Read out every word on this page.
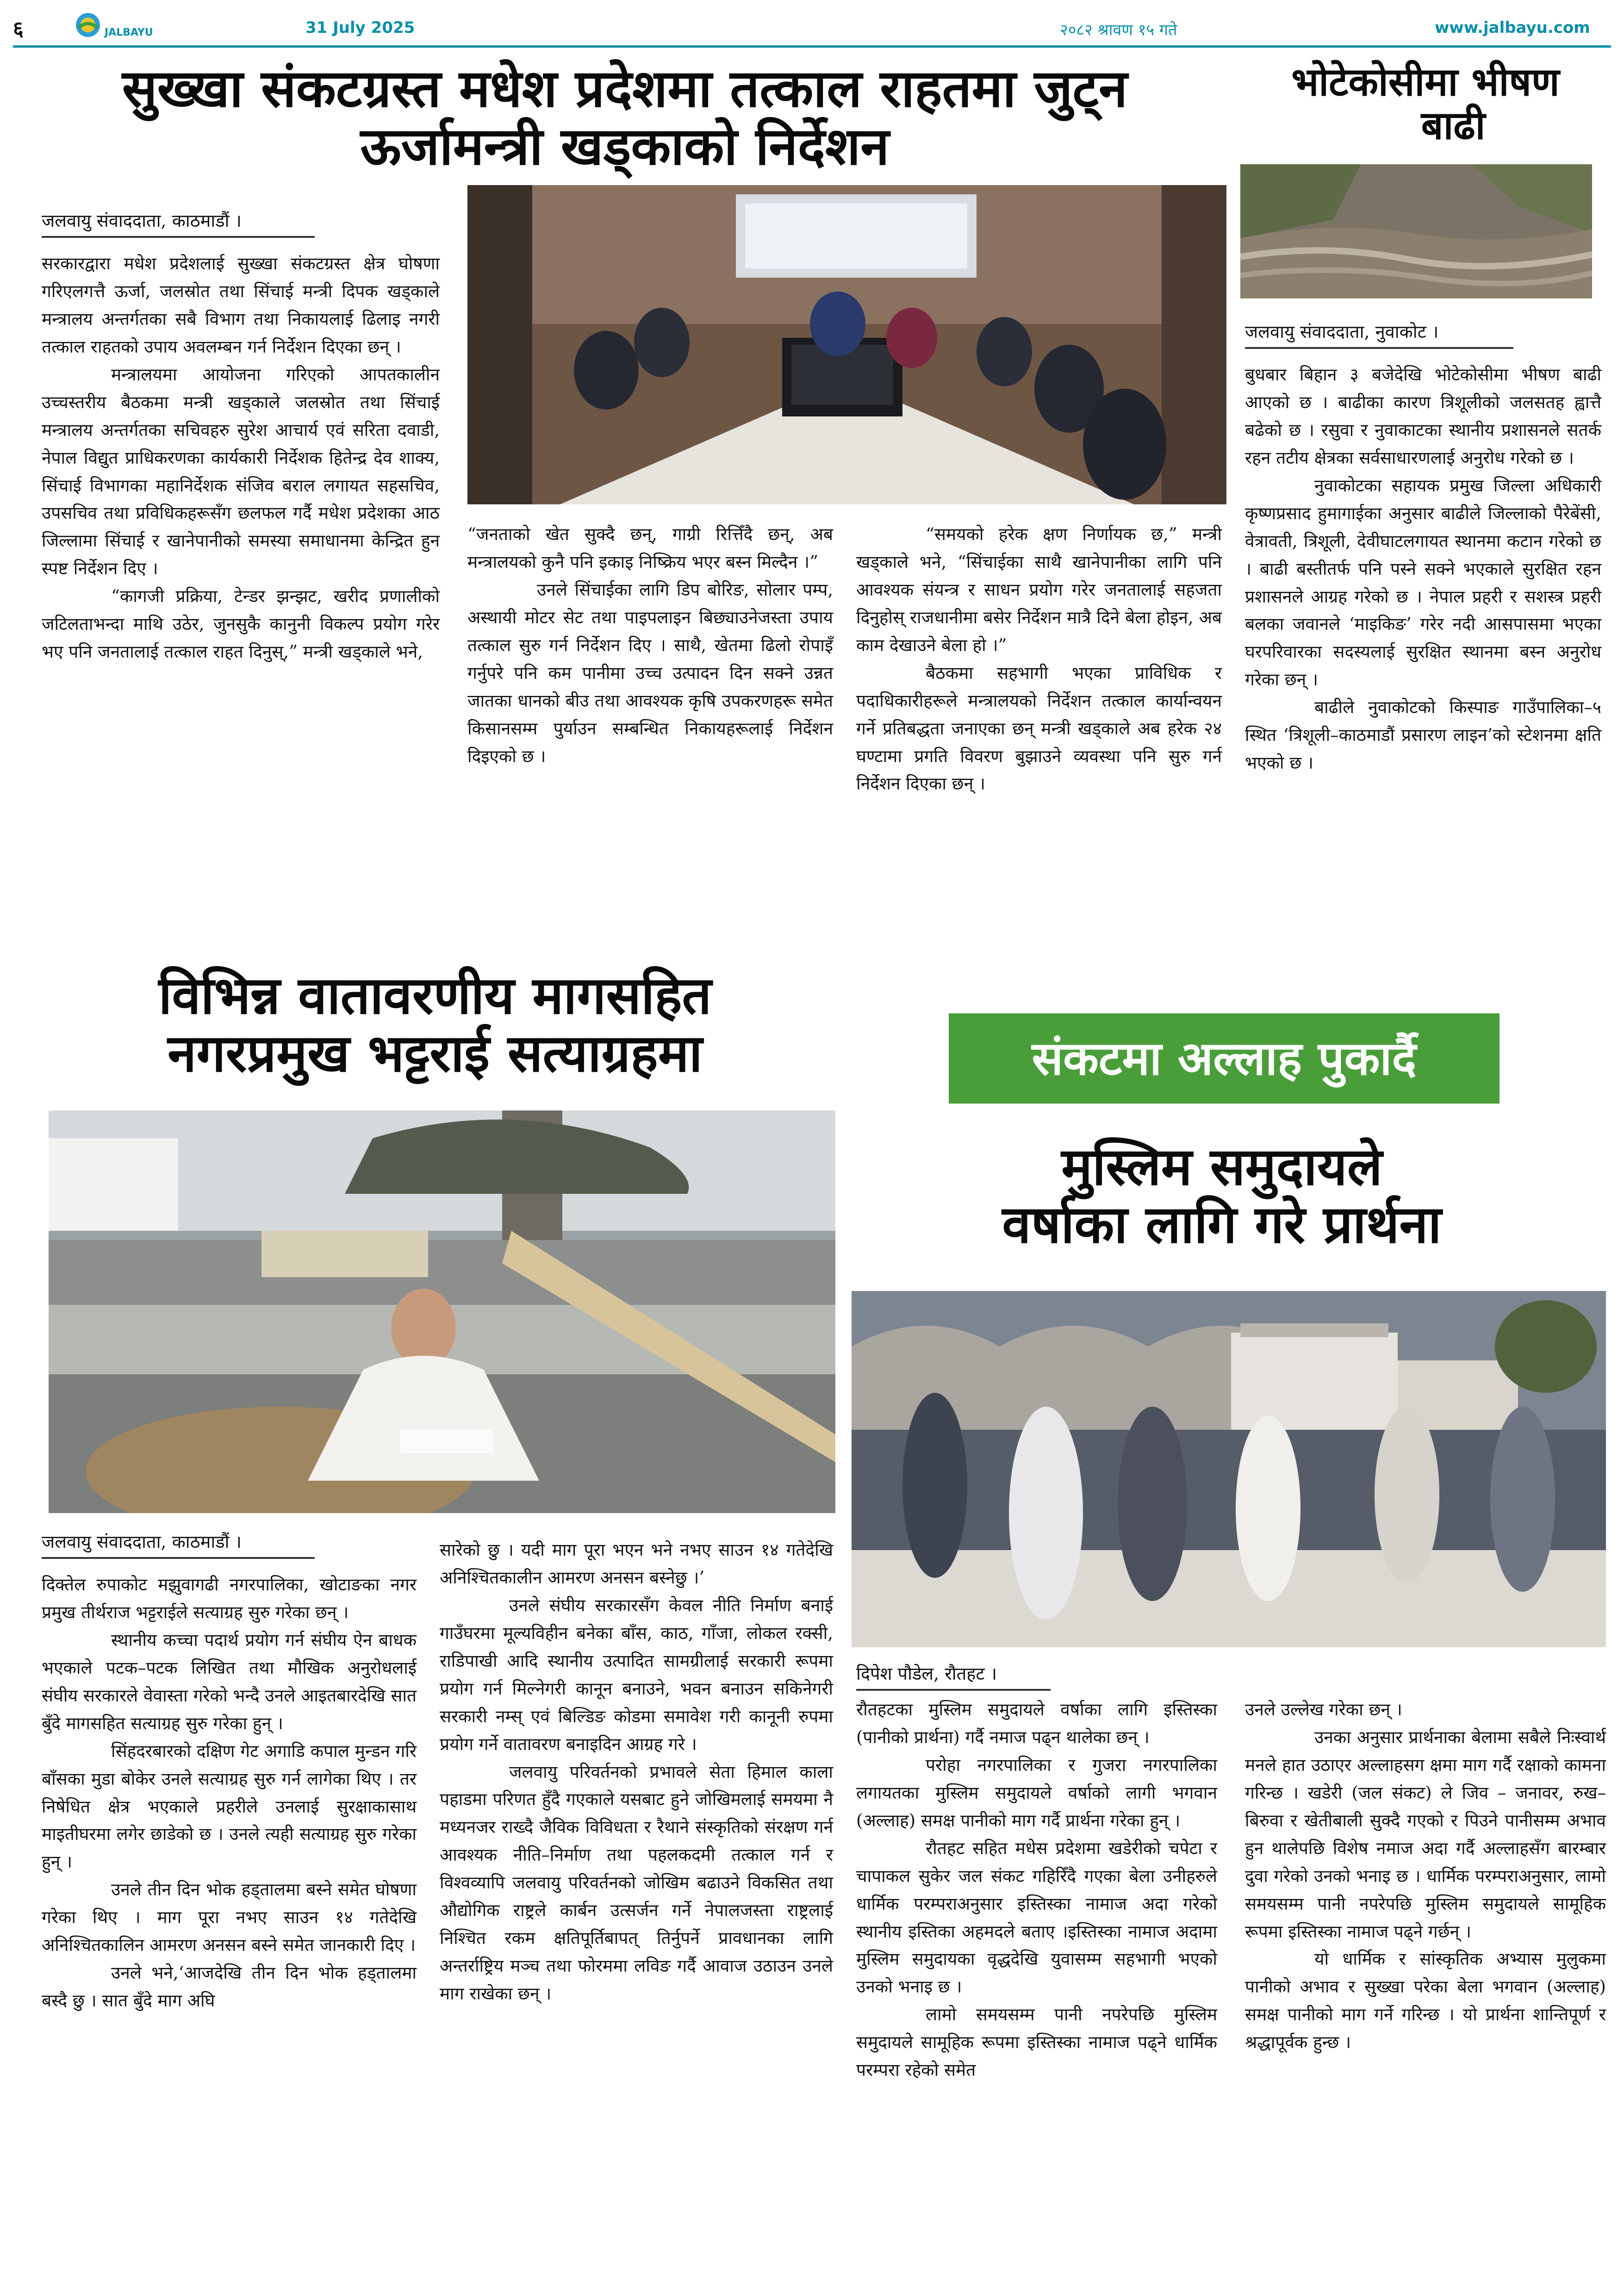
६	JALBAYU	31 July 2025	२०८२ श्रावण १५ गते	www.jalbayu.com
सुख्खा संकटग्रस्त मधेश प्रदेशमा तत्काल राहतमा जुट्न
ऊर्जामन्त्री खड्काको निर्देशन
जलवायु संवाददाता, काठमाडौं ।

सरकारद्वारा मधेश प्रदेशलाई सुख्खा संकटग्रस्त क्षेत्र घोषणा गरिएलगत्तै ऊर्जा, जलस्रोत तथा सिंचाई मन्त्री दिपक खड्काले मन्त्रालय अन्तर्गतका सबै विभाग तथा निकायलाई ढिलाइ नगरी तत्काल राहतको उपाय अवलम्बन गर्न निर्देशन दिएका छन् ।

मन्त्रालयमा आयोजना गरिएको आपतकालीन उच्चस्तरीय बैठकमा मन्त्री खड्काले जलस्रोत तथा सिंचाई मन्त्रालय अन्तर्गतका सचिवहरु सुरेश आचार्य एवं सरिता दवाडी, नेपाल विद्युत प्राधिकरणका कार्यकारी निर्देशक हितेन्द्र देव शाक्य, सिंचाई विभागका महानिर्देशक संजिव बराल लगायत सहसचिव, उपसचिव तथा प्रविधिकहरूसँग छलफल गर्दै मधेश प्रदेशका आठ जिल्लामा सिंचाई र खानेपानीको समस्या समाधानमा केन्द्रित हुन स्पष्ट निर्देशन दिए ।

“कागजी प्रक्रिया, टेन्डर झन्झट, खरीद प्रणालीको जटिलताभन्दा माथि उठेर, जुनसुकै कानुनी विकल्प प्रयोग गरेर भए पनि जनतालाई तत्काल राहत दिनुस्,” मन्त्री खड्काले भने,

“जनताको खेत सुक्दै छन्, गाग्री रित्तिँदै छन्, अब मन्त्रालयको कुनै पनि इकाइ निष्क्रिय भएर बस्न मिल्दैन ।”

उनले सिंचाईका लागि डिप बोरिङ, सोलार पम्प, अस्थायी मोटर सेट तथा पाइपलाइन बिछ्याउनेजस्ता उपाय तत्काल सुरु गर्न निर्देशन दिए । साथै, खेतमा ढिलो रोपाइँ गर्नुपरे पनि कम पानीमा उच्च उत्पादन दिन सक्ने उन्नत जातका धानको बीउ तथा आवश्यक कृषि उपकरणहरू समेत किसानसम्म पुर्याउन सम्बन्धित निकायहरूलाई निर्देशन दिइएको छ ।

“समयको हरेक क्षण निर्णायक छ,” मन्त्री खड्काले भने, “सिंचाईका साथै खानेपानीका लागि पनि आवश्यक संयन्त्र र साधन प्रयोग गरेर जनतालाई सहजता दिनुहोस् राजधानीमा बसेर निर्देशन मात्रै दिने बेला होइन, अब काम देखाउने बेला हो ।”

बैठकमा सहभागी भएका प्राविधिक र पदाधिकारीहरूले मन्त्रालयको निर्देशन तत्काल कार्यान्वयन गर्ने प्रतिबद्धता जनाएका छन् मन्त्री खड्काले अब हरेक २४ घण्टामा प्रगति विवरण बुझाउने व्यवस्था पनि सुरु गर्न निर्देशन दिएका छन् ।

भोटेकोसीमा भीषण
बाढी
जलवायु संवाददाता, नुवाकोट ।

बुधबार बिहान ३ बजेदेखि भोटेकोसीमा भीषण बाढी आएको छ । बाढीका कारण त्रिशूलीको जलसतह ह्वात्तै बढेको छ । रसुवा र नुवाकाटका स्थानीय प्रशासनले सतर्क रहन तटीय क्षेत्रका सर्वसाधारणलाई अनुरोध गरेको छ ।

नुवाकोटका सहायक प्रमुख जिल्ला अधिकारी कृष्णप्रसाद हुमागाईका अनुसार बाढीले जिल्लाको पैरेबेंसी, वेत्रावती, त्रिशूली, देवीघाटलगायत स्थानमा कटान गरेको छ । बाढी बस्तीतर्फ पनि पस्ने सक्ने भएकाले सुरक्षित रहन प्रशासनले आग्रह गरेको छ । नेपाल प्रहरी र सशस्त्र प्रहरी बलका जवानले ‘माइकिङ’ गरेर नदी आसपासमा भएका घरपरिवारका सदस्यलाई सुरक्षित स्थानमा बस्न अनुरोध गरेका छन् ।

बाढीले नुवाकोटको किस्पाङ गाउँपालिका–५ स्थित ‘त्रिशूली–काठमाडौं प्रसारण लाइन’को स्टेशनमा क्षति भएको छ ।

विभिन्न वातावरणीय मागसहित
नगरप्रमुख भट्टराई सत्याग्रहमा
जलवायु संवाददाता, काठमाडौं ।

दिक्तेल रुपाकोट मझुवागढी नगरपालिका, खोटाङका नगर प्रमुख तीर्थराज भट्टराईले सत्याग्रह सुरु गरेका छन् ।

स्थानीय कच्चा पदार्थ प्रयोग गर्न संघीय ऐन बाधक भएकाले पटक–पटक लिखित तथा मौखिक अनुरोधलाई संघीय सरकारले वेवास्ता गरेको भन्दै उनले आइतबारदेखि सात बुँदे मागसहित सत्याग्रह सुरु गरेका हुन् ।

सिंहदरबारको दक्षिण गेट अगाडि कपाल मुन्डन गरि बाँसका मुडा बोकेर उनले सत्याग्रह सुरु गर्न लागेका थिए । तर निषेधित क्षेत्र भएकाले प्रहरीले उनलाई सुरक्षाकासाथ माइतीघरमा लगेर छाडेको छ । उनले त्यही सत्याग्रह सुरु गरेका हुन् ।

उनले तीन दिन भोक हड्तालमा बस्ने समेत घोषणा गरेका थिए । माग पूरा नभए साउन १४ गतेदेखि अनिश्चितकालिन आमरण अनसन बस्ने समेत जानकारी दिए ।

उनले भने,‘आजदेखि तीन दिन भोक हड्तालमा बस्दै छु । सात बुँदे माग अघि

सारेको छु । यदी माग पूरा भएन भने नभए साउन १४ गतेदेखि अनिश्चितकालीन आमरण अनसन बस्नेछु ।’

उनले संघीय सरकारसँग केवल नीति निर्माण बनाई गाउँघरमा मूल्यविहीन बनेका बाँस, काठ, गाँजा, लोकल रक्सी, राडिपाखी आदि स्थानीय उत्पादित सामग्रीलाई सरकारी रूपमा प्रयोग गर्न मिल्नेगरी कानून बनाउने, भवन बनाउन सकिनेगरी सरकारी नम्स् एवं बिल्डिङ कोडमा समावेश गरी कानूनी रुपमा प्रयोग गर्ने वातावरण बनाइदिन आग्रह गरे ।

जलवायु परिवर्तनको प्रभावले सेता हिमाल काला पहाडमा परिणत हुँदै गएकाले यसबाट हुने जोखिमलाई समयमा नै मध्यनजर राख्दै जैविक विविधता र रैथाने संस्कृतिको संरक्षण गर्न आवश्यक नीति–निर्माण तथा पहलकदमी तत्काल गर्न र विश्वव्यापि जलवायु परिवर्तनको जोखिम बढाउने विकसित तथा औद्योगिक राष्ट्रले कार्बन उत्सर्जन गर्ने नेपालजस्ता राष्ट्रलाई निश्चित रकम क्षतिपूर्तिबापत् तिर्नुपर्ने प्रावधानका लागि अन्तर्राष्ट्रिय मञ्च तथा फोरममा लविङ गर्दै आवाज उठाउन उनले माग राखेका छन् ।

संकटमा अल्लाह पुकार्दै
मुस्लिम समुदायले
वर्षाका लागि गरे प्रार्थना
दिपेश पौडेल, रौतहट ।

रौतहटका मुस्लिम समुदायले वर्षाका लागि इस्तिस्का (पानीको प्रार्थना) गर्दै नमाज पढ्न थालेका छन् ।

परोहा नगरपालिका र गुजरा नगरपालिका लगायतका मुस्लिम समुदायले वर्षाको लागी भगवान (अल्लाह) समक्ष पानीको माग गर्दै प्रार्थना गरेका हुन् ।

रौतहट सहित मधेस प्रदेशमा खडेरीको चपेटा र चापाकल सुकेर जल संकट गहिरिँदै गएका बेला उनीहरुले धार्मिक परम्पराअनुसार इस्तिस्का नामाज अदा गरेको स्थानीय इस्तिका अहमदले बताए ।इस्तिस्का नामाज अदामा मुस्लिम समुदायका वृद्धदेखि युवासम्म सहभागी भएको उनको भनाइ छ ।

लामो समयसम्म पानी नपरेपछि मुस्लिम समुदायले सामूहिक रूपमा इस्तिस्का नामाज पढ्ने धार्मिक परम्परा रहेको समेत

उनले उल्लेख गरेका छन् ।

उनका अनुसार प्रार्थनाका बेलामा सबैले निःस्वार्थ मनले हात उठाएर अल्लाहसग क्षमा माग गर्दै रक्षाको कामना गरिन्छ । खडेरी (जल संकट) ले जिव – जनावर, रुख–बिरुवा र खेतीबाली सुक्दै गएको र पिउने पानीसम्म अभाव हुन थालेपछि विशेष नमाज अदा गर्दै अल्लाहसँग बारम्बार दुवा गरेको उनको भनाइ छ । धार्मिक परम्पराअनुसार, लामो समयसम्म पानी नपरेपछि मुस्लिम समुदायले सामूहिक रूपमा इस्तिस्का नामाज पढ्ने गर्छन् ।

यो धार्मिक र सांस्कृतिक अभ्यास मुलुकमा पानीको अभाव र सुख्खा परेका बेला भगवान (अल्लाह) समक्ष पानीको माग गर्ने गरिन्छ । यो प्रार्थना शान्तिपूर्ण र श्रद्धापूर्वक हुन्छ ।
